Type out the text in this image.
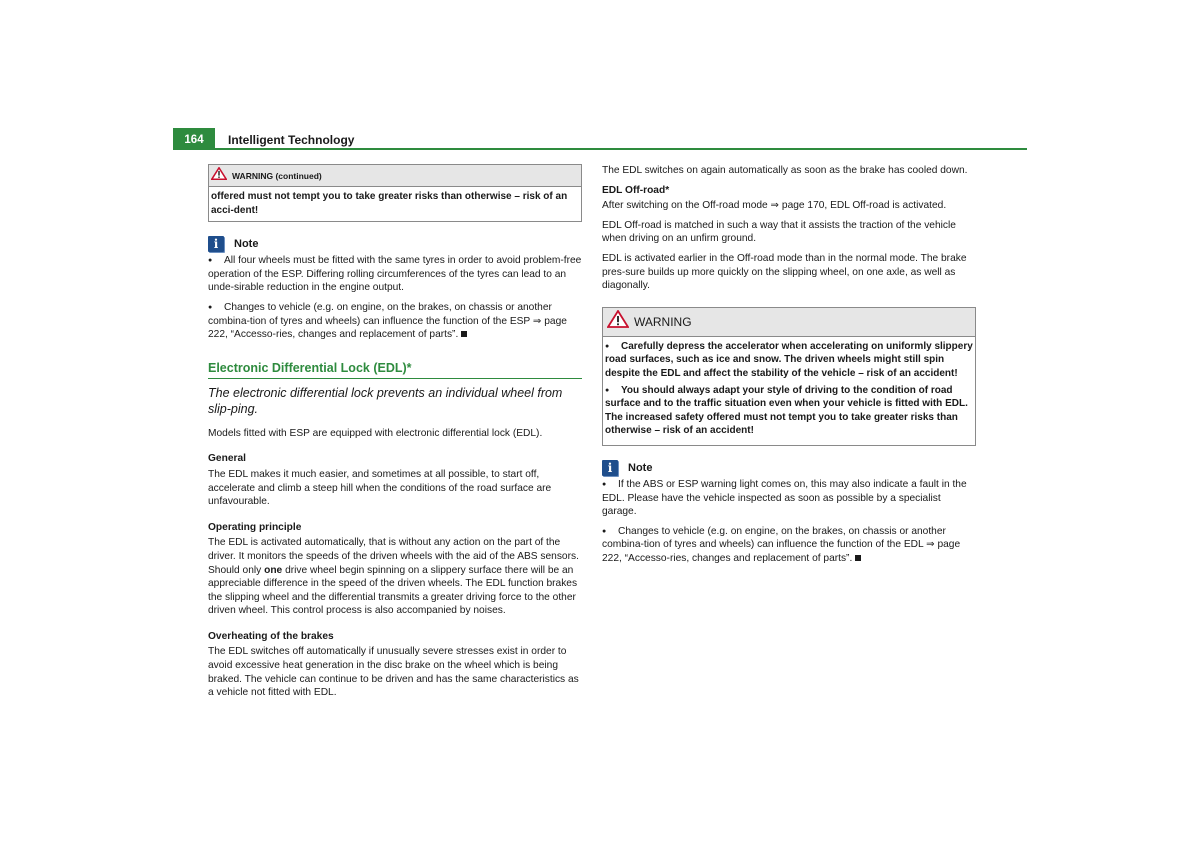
164	Intelligent Technology
WARNING (continued)
offered must not tempt you to take greater risks than otherwise – risk of an acci-dent!
i	Note

● All four wheels must be fitted with the same tyres in order to avoid problem-free operation of the ESP. Differing rolling circumferences of the tyres can lead to an unde-sirable reduction in the engine output.

● Changes to vehicle (e.g. on engine, on the brakes, on chassis or another combina-tion of tyres and wheels) can influence the function of the ESP ⇒ page 222, “Accesso-ries, changes and replacement of parts”.

Electronic Differential Lock (EDL)*
The electronic differential lock prevents an individual wheel from slip-ping.

Models fitted with ESP are equipped with electronic differential lock (EDL).

General

The EDL makes it much easier, and sometimes at all possible, to start off, accelerate and climb a steep hill when the conditions of the road surface are unfavourable.

Operating principle

The EDL is activated automatically, that is without any action on the part of the driver. It monitors the speeds of the driven wheels with the aid of the ABS sensors. Should only one drive wheel begin spinning on a slippery surface there will be an appreciable difference in the speed of the driven wheels. The EDL function brakes the slipping wheel and the differential transmits a greater driving force to the other driven wheel. This control process is also accompanied by noises.

Overheating of the brakes

The EDL switches off automatically if unusually severe stresses exist in order to avoid excessive heat generation in the disc brake on the wheel which is being braked. The vehicle can continue to be driven and has the same characteristics as a vehicle not fitted with EDL.

The EDL switches on again automatically as soon as the brake has cooled down.

EDL Off-road*

After switching on the Off-road mode ⇒ page 170, EDL Off-road is activated.

EDL Off-road is matched in such a way that it assists the traction of the vehicle when driving on an unfirm ground.

EDL is activated earlier in the Off-road mode than in the normal mode. The brake pres-sure builds up more quickly on the slipping wheel, on one axle, as well as diagonally.

WARNING

● Carefully depress the accelerator when accelerating on uniformly slippery road surfaces, such as ice and snow. The driven wheels might still spin despite the EDL and affect the stability of the vehicle – risk of an accident!

● You should always adapt your style of driving to the condition of road surface and to the traffic situation even when your vehicle is fitted with EDL. The increased safety offered must not tempt you to take greater risks than otherwise – risk of an accident!

i	Note

● If the ABS or ESP warning light comes on, this may also indicate a fault in the EDL. Please have the vehicle inspected as soon as possible by a specialist garage.

● Changes to vehicle (e.g. on engine, on the brakes, on chassis or another combina-tion of tyres and wheels) can influence the function of the EDL ⇒ page 222, “Accesso-ries, changes and replacement of parts”.
